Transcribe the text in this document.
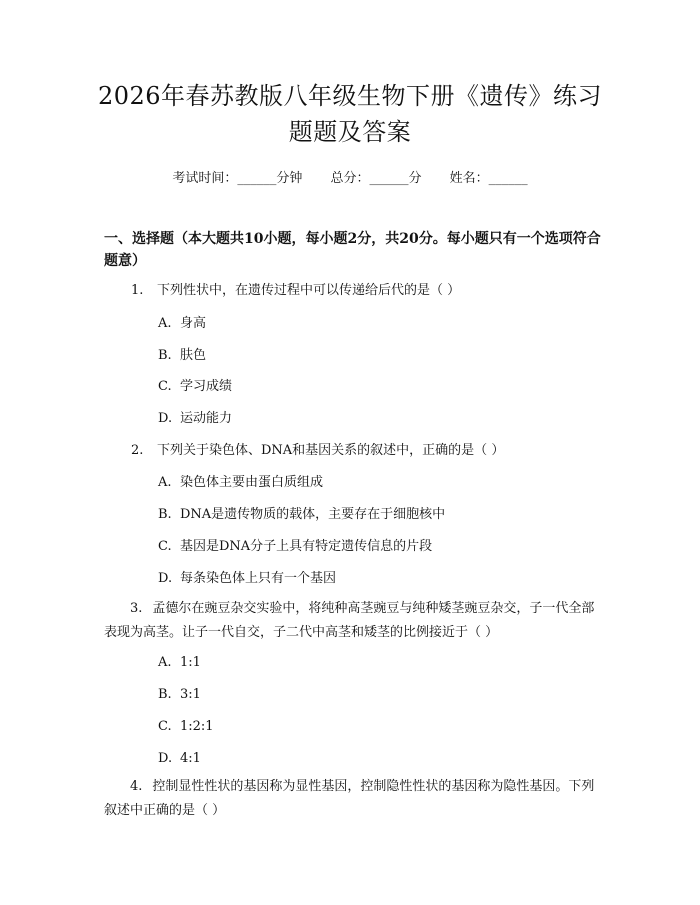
2026年春苏教版八年级生物下册《遗传》练习题题及答案
考试时间：______分钟 总分：______分 姓名：______
一、选择题（本大题共10小题，每小题2分，共20分。每小题只有一个选项符合题意）
1. 下列性状中，在遗传过程中可以传递给后代的是（ ）
A. 身高
B. 肤色
C. 学习成绩
D. 运动能力
2. 下列关于染色体、DNA和基因关系的叙述中，正确的是（ ）
A. 染色体主要由蛋白质组成
B. DNA是遗传物质的载体，主要存在于细胞核中
C. 基因是DNA分子上具有特定遗传信息的片段
D. 每条染色体上只有一个基因
3. 孟德尔在豌豆杂交实验中，将纯种高茎豌豆与纯种矮茎豌豆杂交，子一代全部表现为高茎。让子一代自交，子二代中高茎和矮茎的比例接近于（ ）
A. 1:1
B. 3:1
C. 1:2:1
D. 4:1
4. 控制显性性状的基因称为显性基因，控制隐性性状的基因称为隐性基因。下列叙述中正确的是（ ）
